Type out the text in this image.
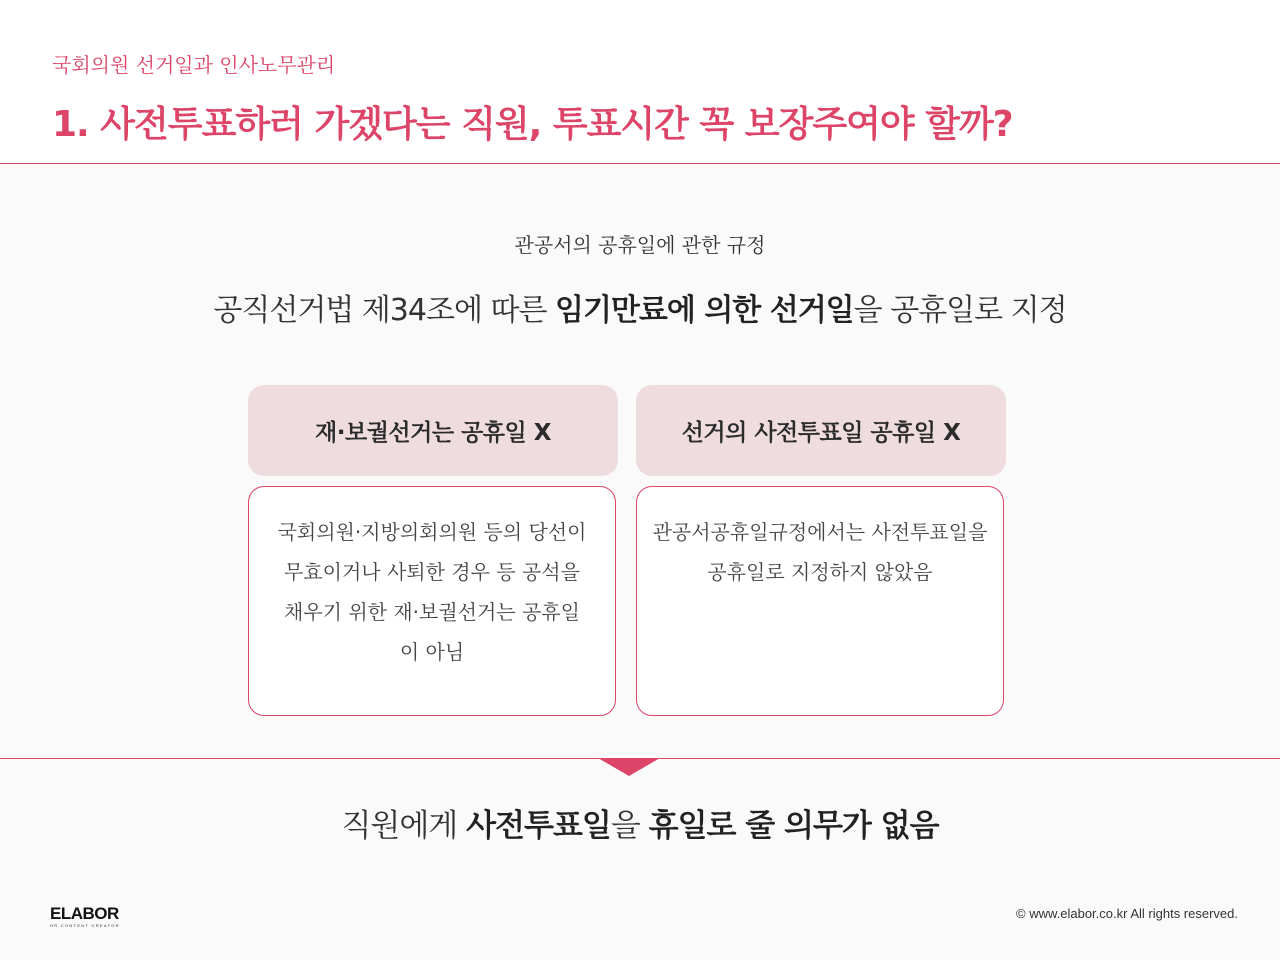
국회의원 선거일과 인사노무관리
1. 사전투표하러 가겠다는 직원, 투표시간 꼭 보장주여야 할까?
관공서의 공휴일에 관한 규정
공직선거법 제34조에 따른 임기만료에 의한 선거일을 공휴일로 지정
재·보궐선거는 공휴일 X	선거의 사전투표일 공휴일 X
국회의원·지방의회의원 등의 당선이 무효이거나 사퇴한 경우 등 공석을 채우기 위한 재·보궐선거는 공휴일이 아님
관공서공휴일규정에서는 사전투표일을 공휴일로 지정하지 않았음
직원에게 사전투표일을 휴일로 줄 의무가 없음
ELABOR
HR CONTENT CREATOR
© www.elabor.co.kr All rights reserved.
